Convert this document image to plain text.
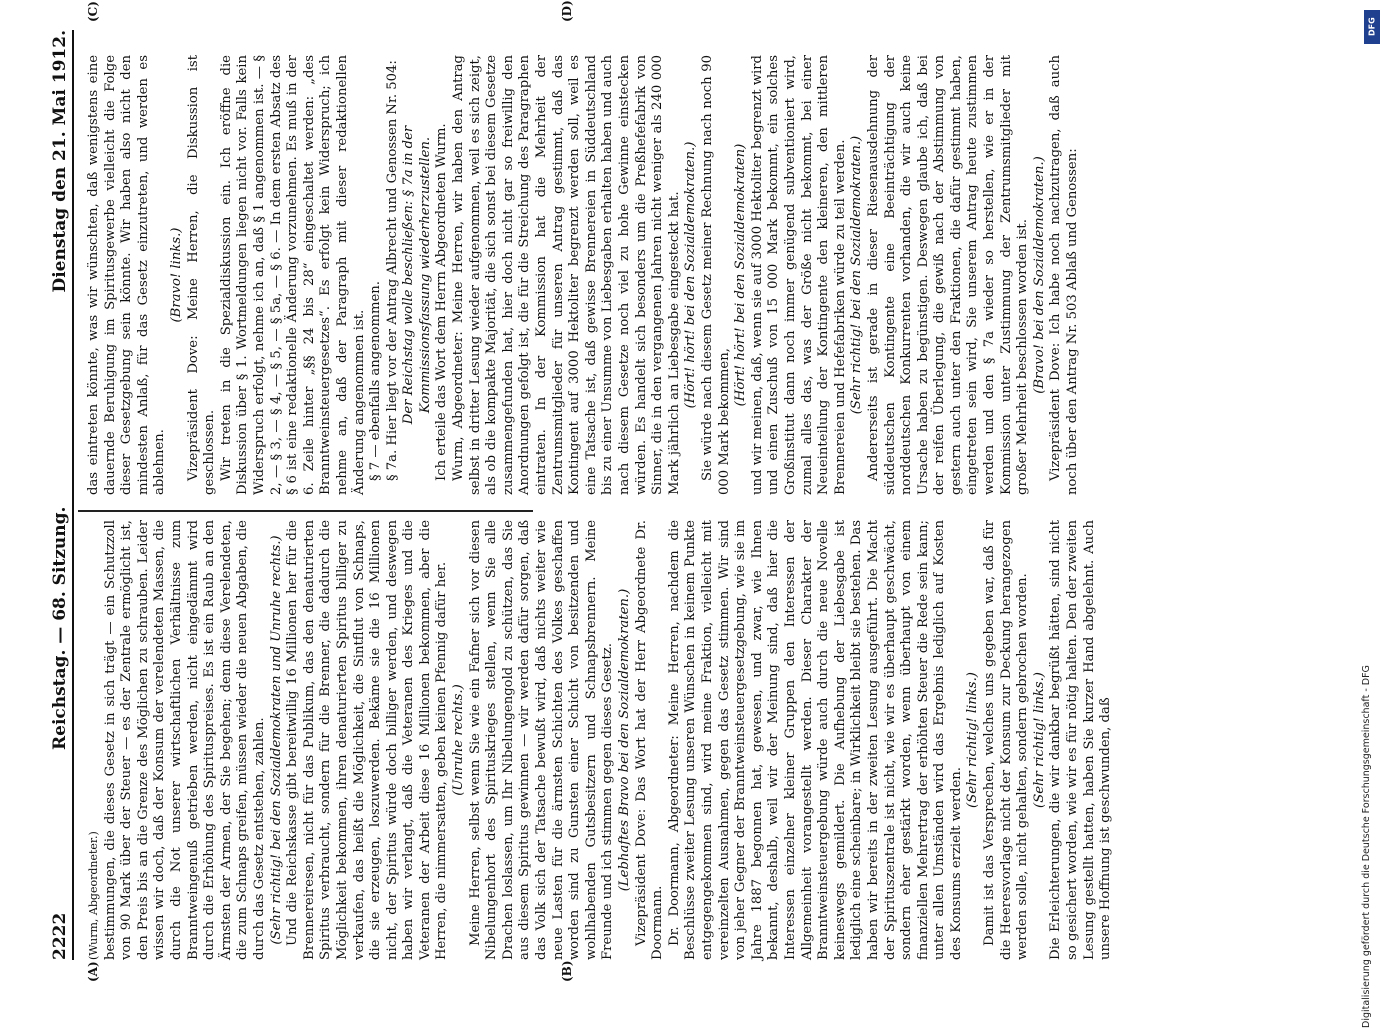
2222
Reichstag. — 68. Sitzung.
Dienstag den 21. Mai 1912.
(A)	(B)
(C)	(D)

(Wurm, Abgeordneter.) bestimmungen, die dieses Gesetz in sich trägt — ein Schutzzoll von 90 Mark über der Steuer — es der Zentrale ermöglicht ist, den Preis bis an die Grenze des Möglichen zu schrauben. Leider wissen wir doch, daß der Konsum der verelendeten Massen, die durch die Not unserer wirtschaftlichen Verhältnisse zum Branntweingenuß getrieben werden, nicht eingedämmt wird durch die Erhöhung des Spirituspreises. Es ist ein Raub an den Ärmsten der Armen, der Sie begehen; denn diese Verelendeten, die zum Schnaps greifen, müssen wieder die neuen Abgaben, die durch das Gesetz entstehen, zahlen. (Sehr richtig! bei den Sozialdemokraten und Unruhe rechts.) Und die Reichskasse gibt bereitwillig 16 Millionen her für die Brennereiresen, nicht für das Publikum, das den denaturierten Spiritus verbraucht, sondern für die Brenner, die dadurch die Möglichkeit bekommen, ihren denaturierten Spiritus billiger zu verkaufen, das heißt die Möglichkeit, die Sintflut von Schnaps, die sie erzeugen, loszuwerden. Bekäme sie die 16 Millionen nicht, der Spiritus würde doch billiger werden, und deswegen haben wir verlangt, daß die Veteranen des Krieges und die Veteranen der Arbeit diese 16 Millionen bekommen, aber die Herren, die nimmersatten, geben keinen Pfennig dafür her. (Unruhe rechts.) Meine Herren, selbst wenn Sie wie ein Fafner sich vor diesen Nibelungenhort des Spirituskrieges stellen, wenn Sie alle Drachen loslassen, um Ihr Nibelungengold zu schützen, das Sie aus diesem Spiritus gewinnen — wir werden dafür sorgen, daß das Volk sich der Tatsache bewußt wird, daß nichts weiter wie neue Lasten für die ärmsten Schichten des Volkes geschaffen worden sind zu Gunsten einer Schicht von besitzenden und wohlhabenden Gutsbesitzern und Schnapsbrennern. Meine Freunde und ich stimmen gegen dieses Gesetz. (Lebhaftes Bravo bei den Sozialdemokraten.) Vizepräsident Dove: Das Wort hat der Herr Abgeordnete Dr. Doormann. Dr. Doormann, Abgeordneter: Meine Herren, nachdem die Beschlüsse zweiter Lesung unseren Wünschen in keinem Punkte entgegengekommen sind, wird meine Fraktion, vielleicht mit vereinzelten Ausnahmen, gegen das Gesetz stimmen. Wir sind von jeher Gegner der Branntweinsteuergesetzgebung, wie sie im Jahre 1887 begonnen hat, gewesen, und zwar, wie Ihnen bekannt, deshalb, weil wir der Meinung sind, daß hier die Interessen einzelner kleiner Gruppen den Interessen der Allgemeinheit vorangestellt werden. Dieser Charakter der Branntweinsteuergebung würde auch durch die neue Novelle keineswegs gemildert. Die Aufhebung der Liebesgabe ist lediglich eine scheinbare; in Wirklichkeit bleibt sie bestehen. Das haben wir bereits in der zweiten Lesung ausgeführt. Die Macht der Spirituszentrale ist nicht, wie wir es überhaupt geschwächt, sondern eher gestärkt worden, wenn überhaupt von einem finanziellen Mehrertrag der erhöhten Steuer die Rede sein kann; unter allen Umständen wird das Ergebnis lediglich auf Kosten des Konsums erzielt werden.

(Sehr richtig! links.) Damit ist das Versprechen, welches uns gegeben war, daß für die Heeresvorlage nicht der Konsum zur Deckung herangezogen werden solle, nicht gehalten, sondern gebrochen worden. (Sehr richtig! links.) Die Erleichterungen, die wir dankbar begrüßt hätten, sind nicht so gesichert worden, wie wir es für nötig halten. Den der zweiten Lesung gestellt hatten, haben Sie kurzer Hand abgelehnt. Auch unsere Hoffnung ist geschwunden, daß

das eintreten könnte, was wir wünschten, daß wenigstens eine dauernde Beruhigung im Spiritusgewerbe vielleicht die Folge dieser Gesetzgebung sein könnte. Wir haben also nicht den mindesten Anlaß, für das Gesetz einzutreten, und werden es ablehnen.

(Bravo! links.) Vizepräsident Dove: Meine Herren, die Diskussion ist geschlossen. Wir treten in die Spezialdiskussion ein. Ich eröffne die Diskussion über § 1. Wortmeldungen liegen nicht vor. Falls kein Widerspruch erfolgt, nehme ich an, daß § 1 angenommen ist. — § 2, — § 3, — § 4, — § 5, — § 5a, — § 6. — In dem ersten Absatz des § 6 ist eine redaktionelle Änderung vorzunehmen. Es muß in der 6. Zeile hinter „§§ 24 bis 28“ eingeschaltet werden: „des Branntweinsteuergesetzes“. Es erfolgt kein Widerspruch; ich nehme an, daß der Paragraph mit dieser redaktionellen Änderung angenommen ist. § 7 — ebenfalls angenommen. § 7a. Hier liegt vor der Antrag Albrecht und Genossen Nr. 504: Der Reichstag wolle beschließen: § 7a in der Kommissionsfassung wiederherzustellen. Ich erteile das Wort dem Herrn Abgeordneten Wurm. Wurm, Abgeordneter: Meine Herren, wir haben den Antrag selbst in dritter Lesung wieder aufgenommen, weil es sich zeigt, als ob die kompakte Majorität, die sich sonst bei diesem Gesetze zusammengefunden hat, hier doch nicht gar so freiwillig den Anordnungen gefolgt ist, die für die Streichung des Paragraphen eintraten. In der Kommission hat die Mehrheit der Zentrumsmitglieder für unseren Antrag gestimmt, daß das Kontingent auf 3000 Hektoliter begrenzt werden soll, weil es eine Tatsache ist, daß gewisse Brennereien in Süddeutschland bis zu einer Unsumme von Liebesgaben erhalten haben und auch nach diesem Gesetze noch viel zu hohe Gewinne einstecken würden. Es handelt sich besonders um die Preßhefefabrik von Sinner, die in den vergangenen Jahren nicht weniger als 240 000 Mark jährlich an Liebesgabe eingesteckt hat. (Hört! hört! bei den Sozialdemokraten.) Sie würde nach diesem Gesetz meiner Rechnung nach noch 90 000 Mark bekommen,

(Hört! hört! bei den Sozialdemokraten) und wir meinen, daß, wenn sie auf 3000 Hektoliter begrenzt wird und einen Zuschuß von 15 000 Mark bekommt, ein solches Großinstitut dann noch immer genügend subventioniert wird, zumal alles das, was der Größe nicht bekommt, bei einer Neueinteilung der Kontingente den kleineren, den mittleren Brennereien und Hefefabriken würde zu teil werden. (Sehr richtig! bei den Sozialdemokraten.) Andererseits ist gerade in dieser Riesenausdehnung der süddeutschen Kontingente eine Beeinträchtigung der norddeutschen Konkurrenten vorhanden, die wir auch keine Ursache haben zu begünstigen. Deswegen glaube ich, daß bei der reifen Überlegung, die gewiß nach der Abstimmung von gestern auch unter den Fraktionen, die dafür gestimmt haben, eingetreten sein wird, Sie unserem Antrag heute zustimmen werden und den § 7a wieder so herstellen, wie er in der Kommission unter Zustimmung der Zentrumsmitglieder mit großer Mehrheit beschlossen worden ist. (Bravo! bei den Sozialdemokraten.) Vizepräsident Dove: Ich habe noch nachzutragen, daß auch noch über den Antrag Nr. 503 Ablaß und Genossen:

DFG
Digitalisierung gefördert durch die Deutsche Forschungsgemeinschaft - DFG
